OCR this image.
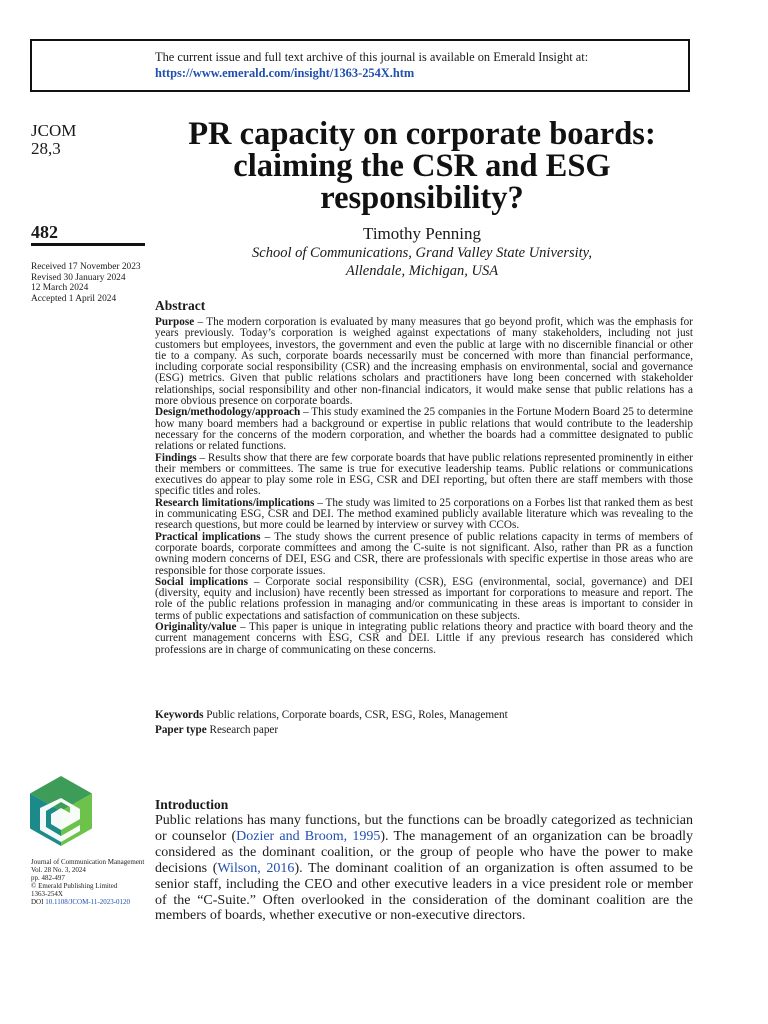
The current issue and full text archive of this journal is available on Emerald Insight at:
https://www.emerald.com/insight/1363-254X.htm
JCOM
28,3
482
Received 17 November 2023
Revised 30 January 2024
12 March 2024
Accepted 1 April 2024
PR capacity on corporate boards: claiming the CSR and ESG responsibility?
Timothy Penning
School of Communications, Grand Valley State University,
Allendale, Michigan, USA
Abstract

Purpose – The modern corporation is evaluated by many measures that go beyond profit, which was the emphasis for years previously. Today’s corporation is weighed against expectations of many stakeholders, including not just customers but employees, investors, the government and even the public at large with no discernible financial or other tie to a company. As such, corporate boards necessarily must be concerned with more than financial performance, including corporate social responsibility (CSR) and the increasing emphasis on environmental, social and governance (ESG) metrics. Given that public relations scholars and practitioners have long been concerned with stakeholder relationships, social responsibility and other non-financial indicators, it would make sense that public relations has a more obvious presence on corporate boards.

Design/methodology/approach – This study examined the 25 companies in the Fortune Modern Board 25 to determine how many board members had a background or expertise in public relations that would contribute to the leadership necessary for the concerns of the modern corporation, and whether the boards had a committee designated to public relations or related functions.

Findings – Results show that there are few corporate boards that have public relations represented prominently in either their members or committees. The same is true for executive leadership teams. Public relations or communications executives do appear to play some role in ESG, CSR and DEI reporting, but often there are staff members with those specific titles and roles.

Research limitations/implications – The study was limited to 25 corporations on a Forbes list that ranked them as best in communicating ESG, CSR and DEI. The method examined publicly available literature which was revealing to the research questions, but more could be learned by interview or survey with CCOs.

Practical implications – The study shows the current presence of public relations capacity in terms of members of corporate boards, corporate committees and among the C-suite is not significant. Also, rather than PR as a function owning modern concerns of DEI, ESG and CSR, there are professionals with specific expertise in those areas who are responsible for those corporate issues.

Social implications – Corporate social responsibility (CSR), ESG (environmental, social, governance) and DEI (diversity, equity and inclusion) have recently been stressed as important for corporations to measure and report. The role of the public relations profession in managing and/or communicating in these areas is important to consider in terms of public expectations and satisfaction of communication on these subjects.

Originality/value – This paper is unique in integrating public relations theory and practice with board theory and the current management concerns with ESG, CSR and DEI. Little if any previous research has considered which professions are in charge of communicating on these concerns.

Keywords Public relations, Corporate boards, CSR, ESG, Roles, Management
Paper type Research paper
Journal of Communication Management
Vol. 28 No. 3, 2024
pp. 482-497
© Emerald Publishing Limited
1363-254X
DOI 10.1108/JCOM-11-2023-0120
Introduction

Public relations has many functions, but the functions can be broadly categorized as technician or counselor (Dozier and Broom, 1995). The management of an organization can be broadly considered as the dominant coalition, or the group of people who have the power to make decisions (Wilson, 2016). The dominant coalition of an organization is often assumed to be senior staff, including the CEO and other executive leaders in a vice president role or member of the “C-Suite.” Often overlooked in the consideration of the dominant coalition are the members of boards, whether executive or non-executive directors.
